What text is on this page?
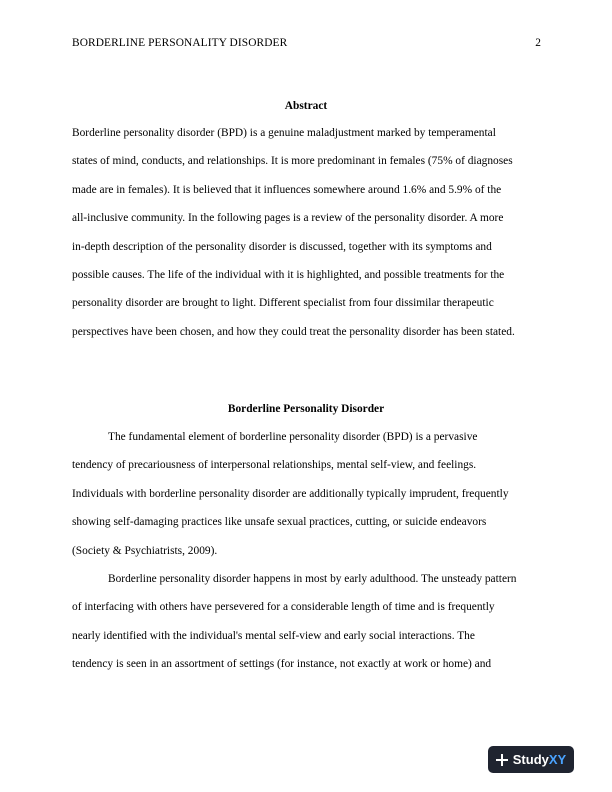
BORDERLINE PERSONALITY DISORDER	2
Abstract
Borderline personality disorder (BPD) is a genuine maladjustment marked by temperamental
states of mind, conducts, and relationships. It is more predominant in females (75% of diagnoses
made are in females). It is believed that it influences somewhere around 1.6% and 5.9% of the
all-inclusive community. In the following pages is a review of the personality disorder. A more
in-depth description of the personality disorder is discussed, together with its symptoms and
possible causes. The life of the individual with it is highlighted, and possible treatments for the
personality disorder are brought to light. Different specialist from four dissimilar therapeutic
perspectives have been chosen, and how they could treat the personality disorder has been stated.
Borderline Personality Disorder
The fundamental element of borderline personality disorder (BPD) is a pervasive
tendency of precariousness of interpersonal relationships, mental self-view, and feelings.
Individuals with borderline personality disorder are additionally typically imprudent, frequently
showing self-damaging practices like unsafe sexual practices, cutting, or suicide endeavors
(Society & Psychiatrists, 2009).
Borderline personality disorder happens in most by early adulthood. The unsteady pattern
of interfacing with others have persevered for a considerable length of time and is frequently
nearly identified with the individual's mental self-view and early social interactions. The
tendency is seen in an assortment of settings (for instance, not exactly at work or home) and
StudyXY
